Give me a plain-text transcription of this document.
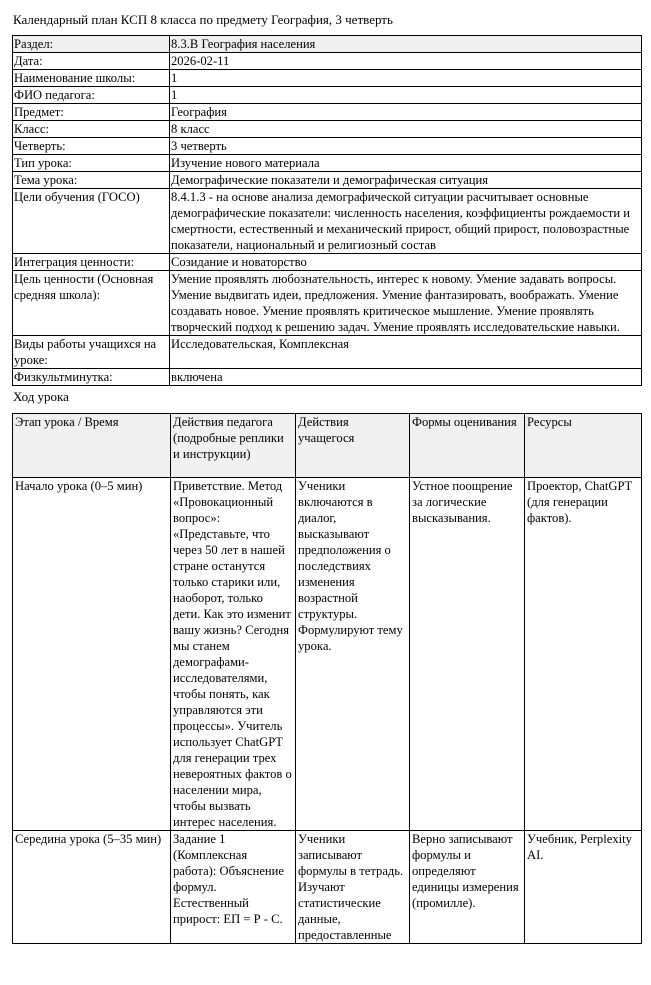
Календарный план КСП 8 класса по предмету География, 3 четверть
Раздел:	8.3.В География населения
Дата:	2026-02-11
Наименование школы:	1
ФИО педагога:	1
Предмет:	География
Класс:	8 класс
Четверть:	3 четверть
Тип урока:	Изучение нового материала
Тема урока:	Демографические показатели и демографическая ситуация
Цели обучения (ГОСО)	8.4.1.3 - на основе анализа демографической ситуации расчитывает основные демографические показатели: численность населения, коэффициенты рождаемости и смертности, естественный и механический прирост, общий прирост, половозрастные показатели, национальный и религиозный состав
Интеграция ценности:	Созидание и новаторство
Цель ценности (Основная средняя школа):	Умение проявлять любознательность, интерес к новому. Умение задавать вопросы. Умение выдвигать идеи, предложения. Умение фантазировать, воображать. Умение создавать новое. Умение проявлять критическое мышление. Умение проявлять творческий подход к решению задач. Умение проявлять исследовательские навыки.
Виды работы учащихся на уроке:	Исследовательская, Комплексная
Физкультминутка:	включена
Ход урока
Этап урока / Время	Действия педагога (подробные реплики и инструкции)	Действия учащегося	Формы оценивания	Ресурсы
Начало урока (0–5 мин)	Приветствие. Метод «Провокационный вопрос»: «Представьте, что через 50 лет в нашей стране останутся только старики или, наоборот, только дети. Как это изменит вашу жизнь? Сегодня мы станем демографами-исследователями, чтобы понять, как управляются эти процессы». Учитель использует ChatGPT для генерации трех невероятных фактов о населении мира, чтобы вызвать интерес населения.	Ученики включаются в диалог, высказывают предположения о последствиях изменения возрастной структуры. Формулируют тему урока.	Устное поощрение за логические высказывания.	Проектор, ChatGPT (для генерации фактов).
Середина урока (5–35 мин)	Задание 1 (Комплексная работа): Объяснение формул. Естественный прирост: ЕП = Р - С.	Ученики записывают формулы в тетрадь. Изучают статистические данные, предоставленные	Верно записывают формулы и определяют единицы измерения (промилле).	Учебник, Perplexity AI.
